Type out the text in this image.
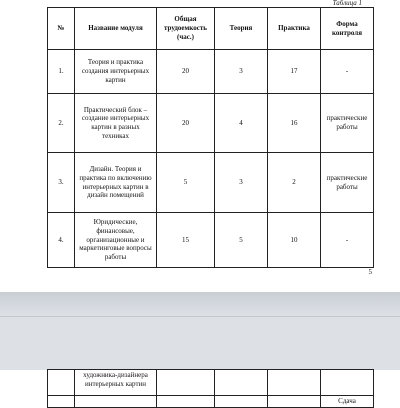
Таблица 1
№	Название модуля	Общая трудоемкость (час.)	Теория	Практика	Форма контроля
1.	Теория и практика создания интерьерных картин	20	3	17	-
2.	Практический блок – создание интерьерных картин в разных техниках	20	4	16	практические работы
3.	Дизайн. Теория и практика по включению интерьерных картин в дизайн помещений	5	3	2	практические работы
4.	Юридические, финансовые, организационные и маркетинговые вопросы работы	15	5	10	-
5
	художника-дизайнера интерьерных картин				
					Сдача
